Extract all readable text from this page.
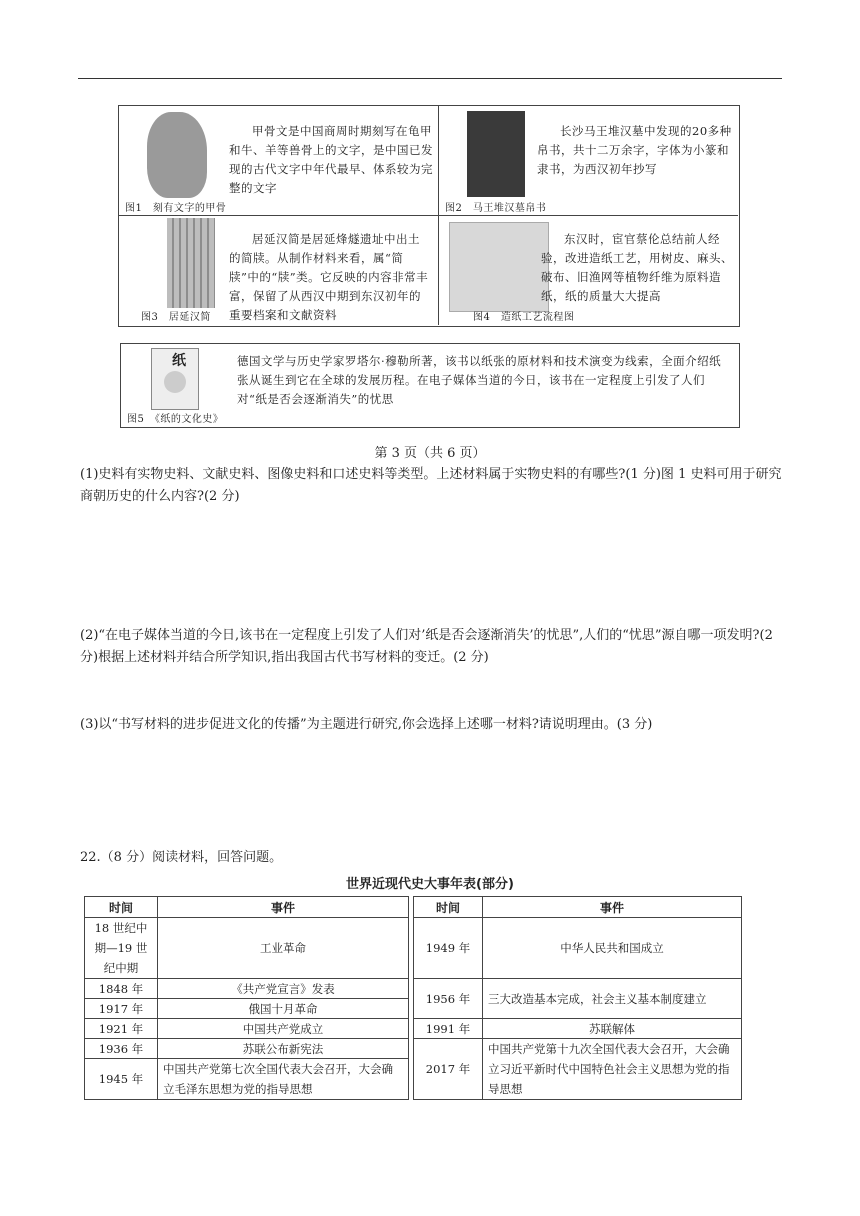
甲骨文是中国商周时期刻写在龟甲和牛、羊等兽骨上的文字，是中国已发现的古代文字中年代最早、体系较为完整的文字
图1　刻有文字的甲骨
长沙马王堆汉墓中发现的20多种帛书，共十二万余字，字体为小篆和隶书，为西汉初年抄写
图2　马王堆汉墓帛书
居延汉简是居延烽燧遗址中出土的简牍。从制作材料来看，属“简牍”中的“牍”类。它反映的内容非常丰富，保留了从西汉中期到东汉初年的重要档案和文献资料
图3　居延汉简
东汉时，宦官蔡伦总结前人经验，改进造纸工艺，用树皮、麻头、破布、旧渔网等植物纤维为原料造纸，纸的质量大大提高
图4　造纸工艺流程图
纸	德国文学与历史学家罗塔尔·穆勒所著，该书以纸张的原材料和技术演变为线索，全面介绍纸张从诞生到它在全球的发展历程。在电子媒体当道的今日，该书在一定程度上引发了人们对“纸是否会逐渐消失”的忧思
图5　《纸的文化史》
第 3 页（共 6 页）
(1)史料有实物史料、文献史料、图像史料和口述史料等类型。上述材料属于实物史料的有哪些?(1 分)图 1 史料可用于研究商朝历史的什么内容?(2 分)
(2)“在电子媒体当道的今日,该书在一定程度上引发了人们对’纸是否会逐渐消失’的忧思”,人们的“忧思”源自哪一项发明?(2 分)根据上述材料并结合所学知识,指出我国古代书写材料的变迁。(2 分)
(3)以“书写材料的进步促进文化的传播”为主题进行研究,你会选择上述哪一材料?请说明理由。(3 分)
22.（8 分）阅读材料，回答问题。
世界近现代史大事年表(部分)
时间	事件		时间	事件
18 世纪中期—19 世纪中期	工业革命		1949 年	中华人民共和国成立
1848 年	《共产党宣言》发表		1956 年	三大改造基本完成，社会主义基本制度建立
1917 年	俄国十月革命			
1921 年	中国共产党成立		1991 年	苏联解体
1936 年	苏联公布新宪法		2017 年	中国共产党第十九次全国代表大会召开，大会确立习近平新时代中国特色社会主义思想为党的指导思想
1945 年	中国共产党第七次全国代表大会召开，大会确立毛泽东思想为党的指导思想			
